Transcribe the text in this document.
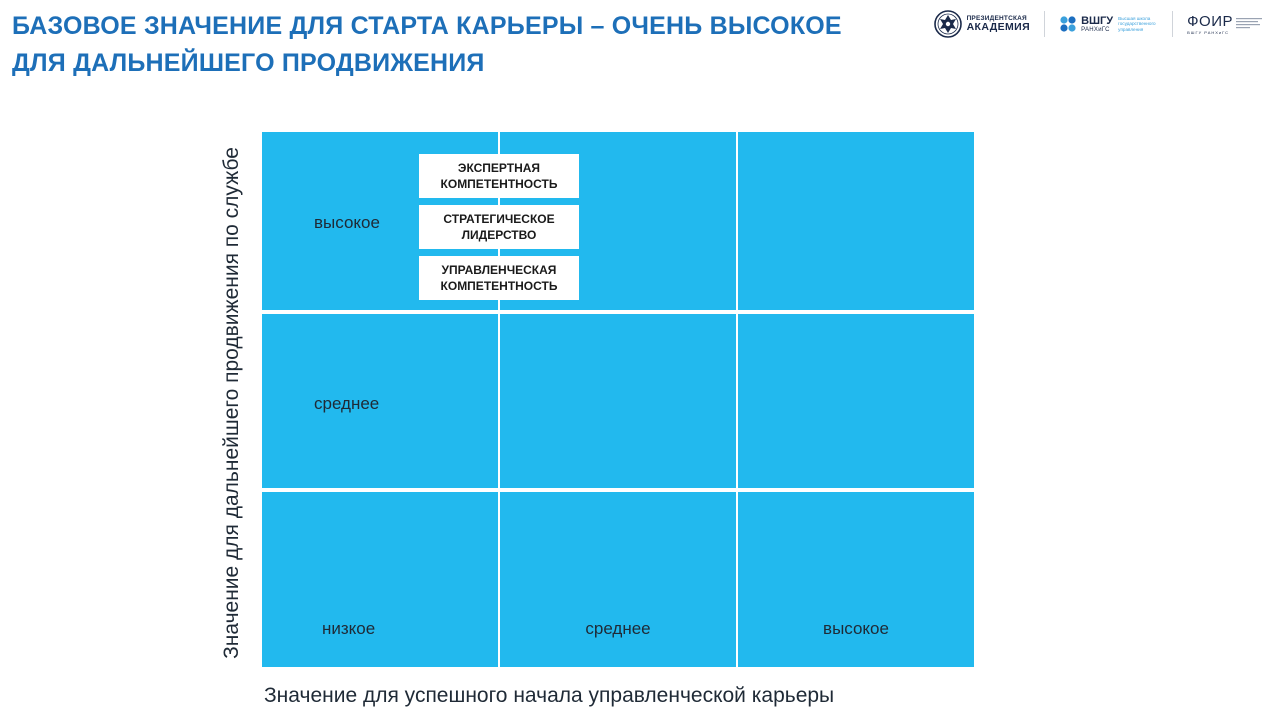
БАЗОВОЕ ЗНАЧЕНИЕ ДЛЯ СТАРТА КАРЬЕРЫ – ОЧЕНЬ ВЫСОКОЕ
ДЛЯ ДАЛЬНЕЙШЕГО ПРОДВИЖЕНИЯ
ПРЕЗИДЕНТСКАЯ
АКАДЕМИЯ
ВШГУ
РАНХиГС
Высшая школа государственного управления	ФОИР
ВШГУ РАНХиГС
Значение для дальнейшего продвижения по службе	высокое
среднее
низкое	среднее	высокое
ЭКСПЕРТНАЯ
КОМПЕТЕНТНОСТЬ
СТРАТЕГИЧЕСКОЕ
ЛИДЕРСТВО
УПРАВЛЕНЧЕСКАЯ
КОМПЕТЕНТНОСТЬ
Значение для успешного начала управленческой карьеры
